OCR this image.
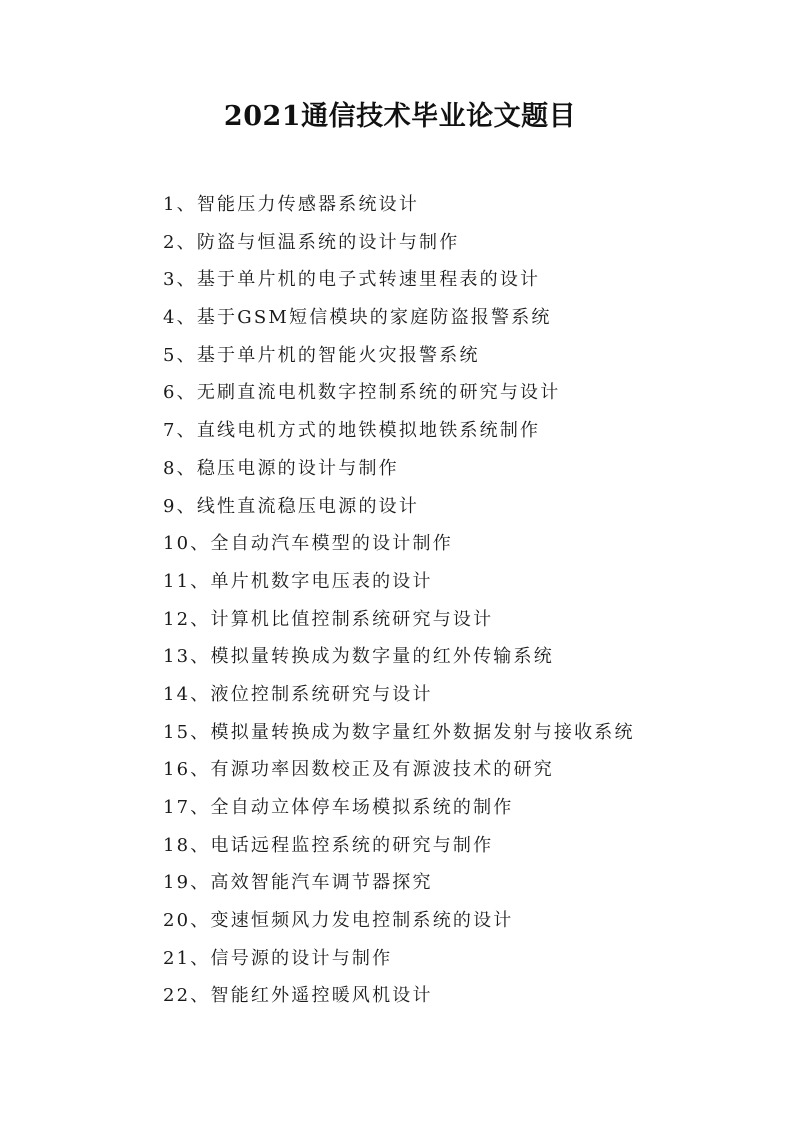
2021通信技术毕业论文题目
1、智能压力传感器系统设计
2、防盗与恒温系统的设计与制作
3、基于单片机的电子式转速里程表的设计
4、基于GSM短信模块的家庭防盗报警系统
5、基于单片机的智能火灾报警系统
6、无刷直流电机数字控制系统的研究与设计
7、直线电机方式的地铁模拟地铁系统制作
8、稳压电源的设计与制作
9、线性直流稳压电源的设计
10、全自动汽车模型的设计制作
11、单片机数字电压表的设计
12、计算机比值控制系统研究与设计
13、模拟量转换成为数字量的红外传输系统
14、液位控制系统研究与设计
15、模拟量转换成为数字量红外数据发射与接收系统
16、有源功率因数校正及有源波技术的研究
17、全自动立体停车场模拟系统的制作
18、电话远程监控系统的研究与制作
19、高效智能汽车调节器探究
20、变速恒频风力发电控制系统的设计
21、信号源的设计与制作
22、智能红外遥控暖风机设计
